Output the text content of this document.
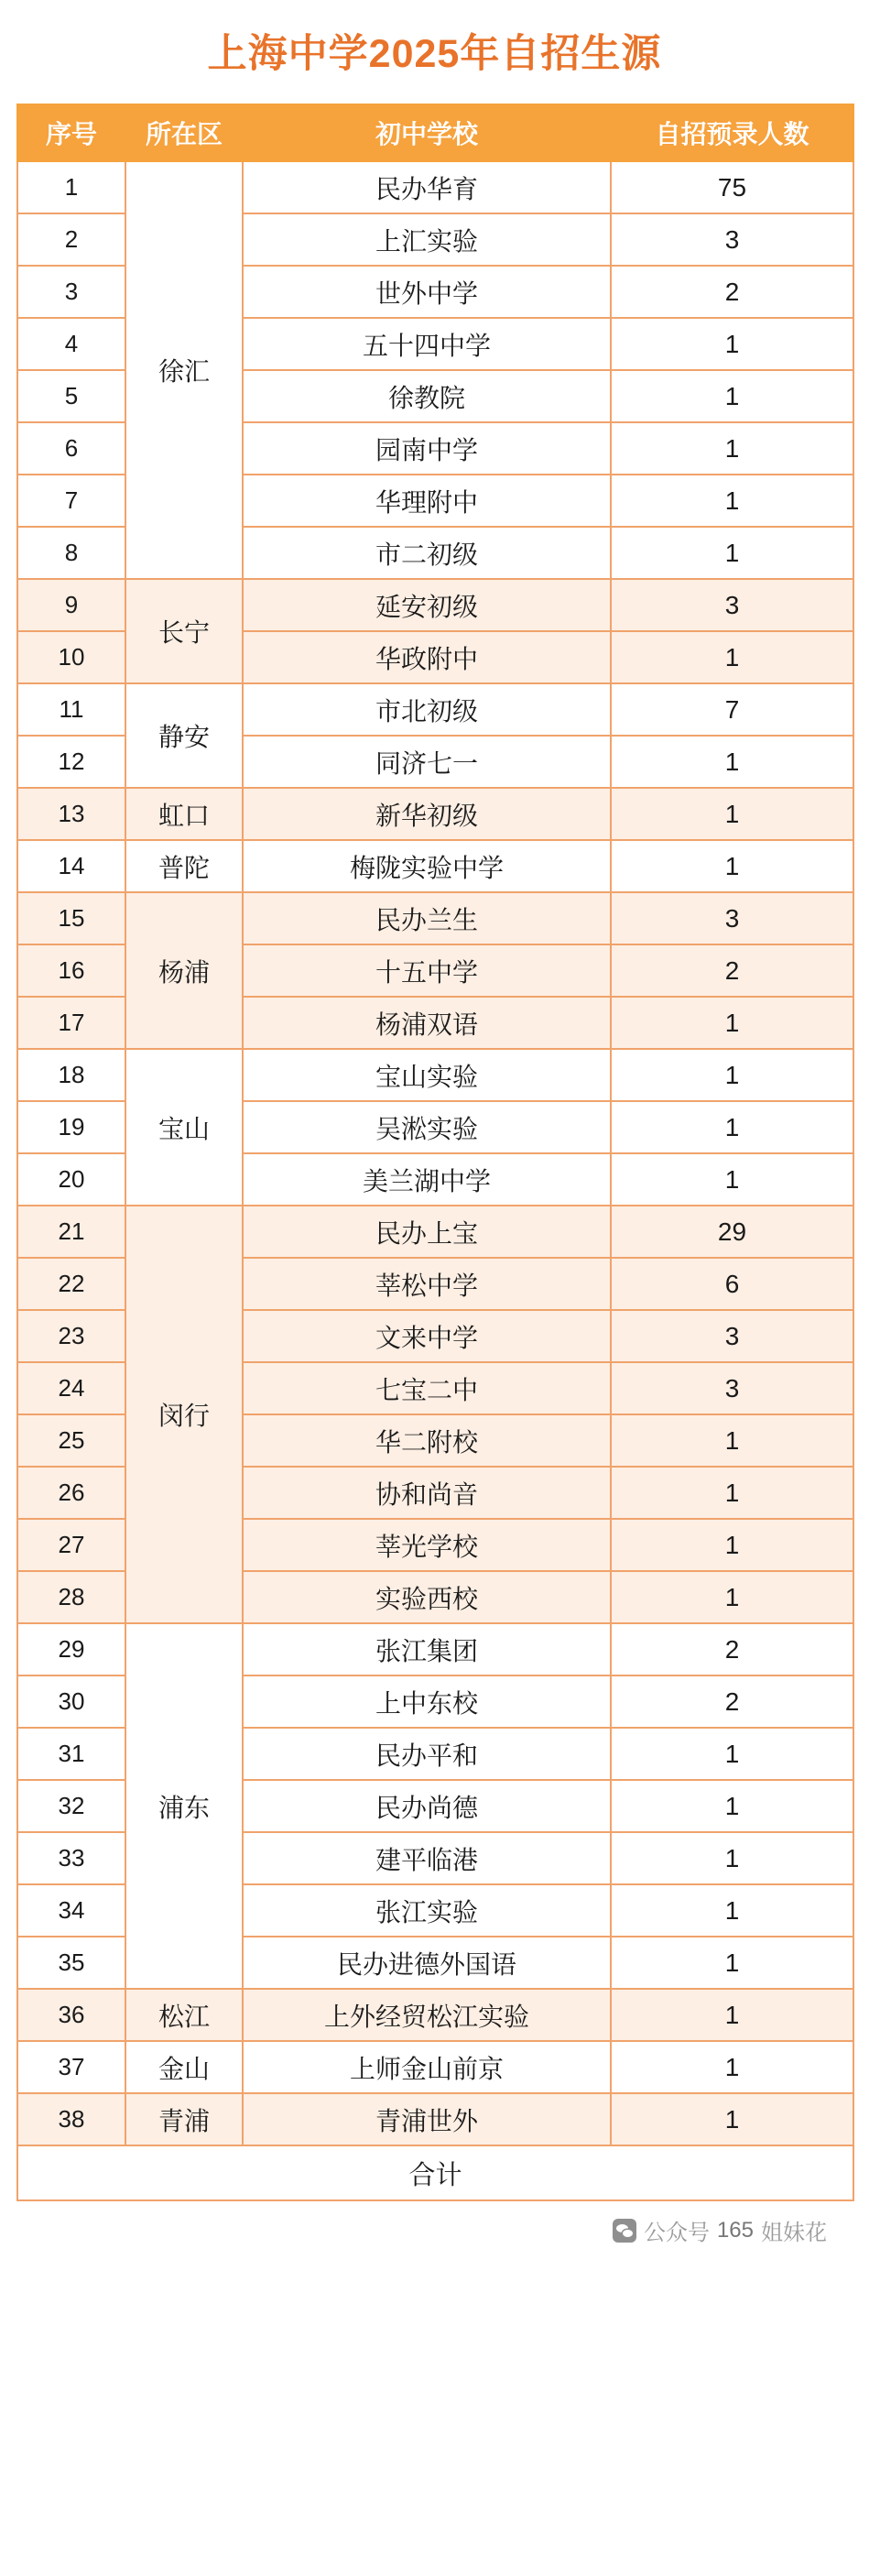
上海中学2025年自招生源
序号	所在区	初中学校	自招预录人数
1	徐汇	民办华育	75
2		上汇实验	3
3		世外中学	2
4		五十四中学	1
5		徐教院	1
6		园南中学	1
7		华理附中	1
8		市二初级	1
9	长宁	延安初级	3
10		华政附中	1
11	静安	市北初级	7
12		同济七一	1
13	虹口	新华初级	1
14	普陀	梅陇实验中学	1
15	杨浦	民办兰生	3
16		十五中学	2
17		杨浦双语	1
18	宝山	宝山实验	1
19		吴淞实验	1
20		美兰湖中学	1
21	闵行	民办上宝	29
22		莘松中学	6
23		文来中学	3
24		七宝二中	3
25		华二附校	1
26		协和尚音	1
27		莘光学校	1
28		实验西校	1
29	浦东	张江集团	2
30		上中东校	2
31		民办平和	1
32		民办尚德	1
33		建平临港	1
34		张江实验	1
35		民办进德外国语	1
36	松江	上外经贸松江实验	1
37	金山	上师金山前京	1
38	青浦	青浦世外	1
合计			
公众号 165 姐妹花
